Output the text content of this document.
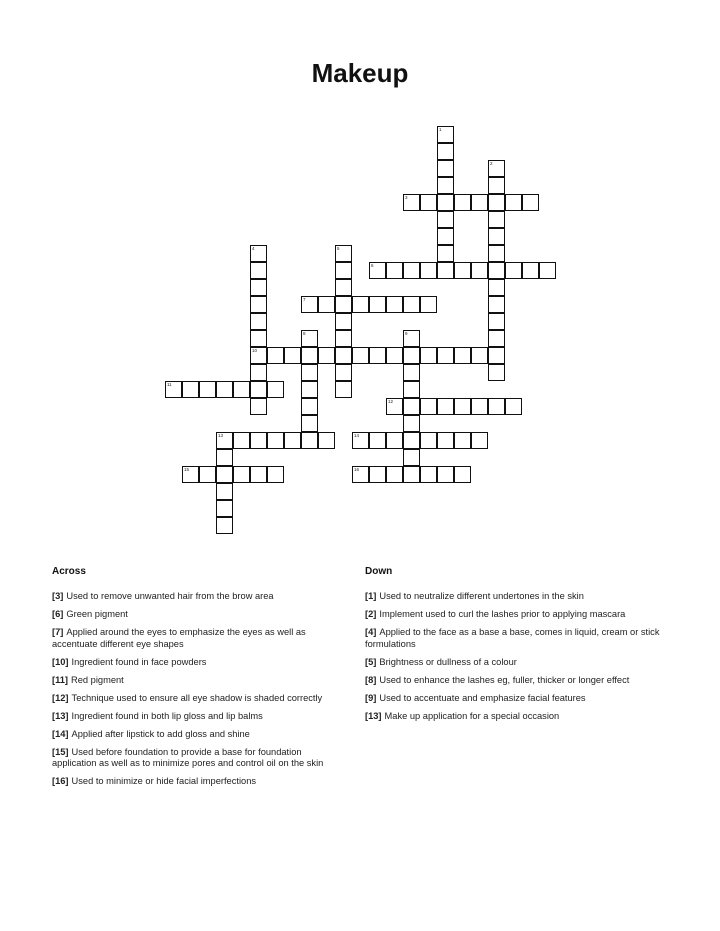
Makeup
1
2
3
4
10
5
6
7
8	9
11
12
13	14
15	16
Across
[3] Used to remove unwanted hair from the brow area
[6] Green pigment
[7] Applied around the eyes to emphasize the eyes as well as accentuate different eye shapes
[10] Ingredient found in face powders
[11] Red pigment
[12] Technique used to ensure all eye shadow is shaded correctly
[13] Ingredient found in both lip gloss and lip balms
[14] Applied after lipstick to add gloss and shine
[15] Used before foundation to provide a base for foundation application as well as to minimize pores and control oil on the skin
[16] Used to minimize or hide facial imperfections
Down
[1] Used to neutralize different undertones in the skin
[2] Implement used to curl the lashes prior to applying mascara
[4] Applied to the face as a base a base, comes in liquid, cream or stick formulations
[5] Brightness or dullness of a colour
[8] Used to enhance the lashes eg, fuller, thicker or longer effect
[9] Used to accentuate and emphasize facial features
[13] Make up application for a special occasion
